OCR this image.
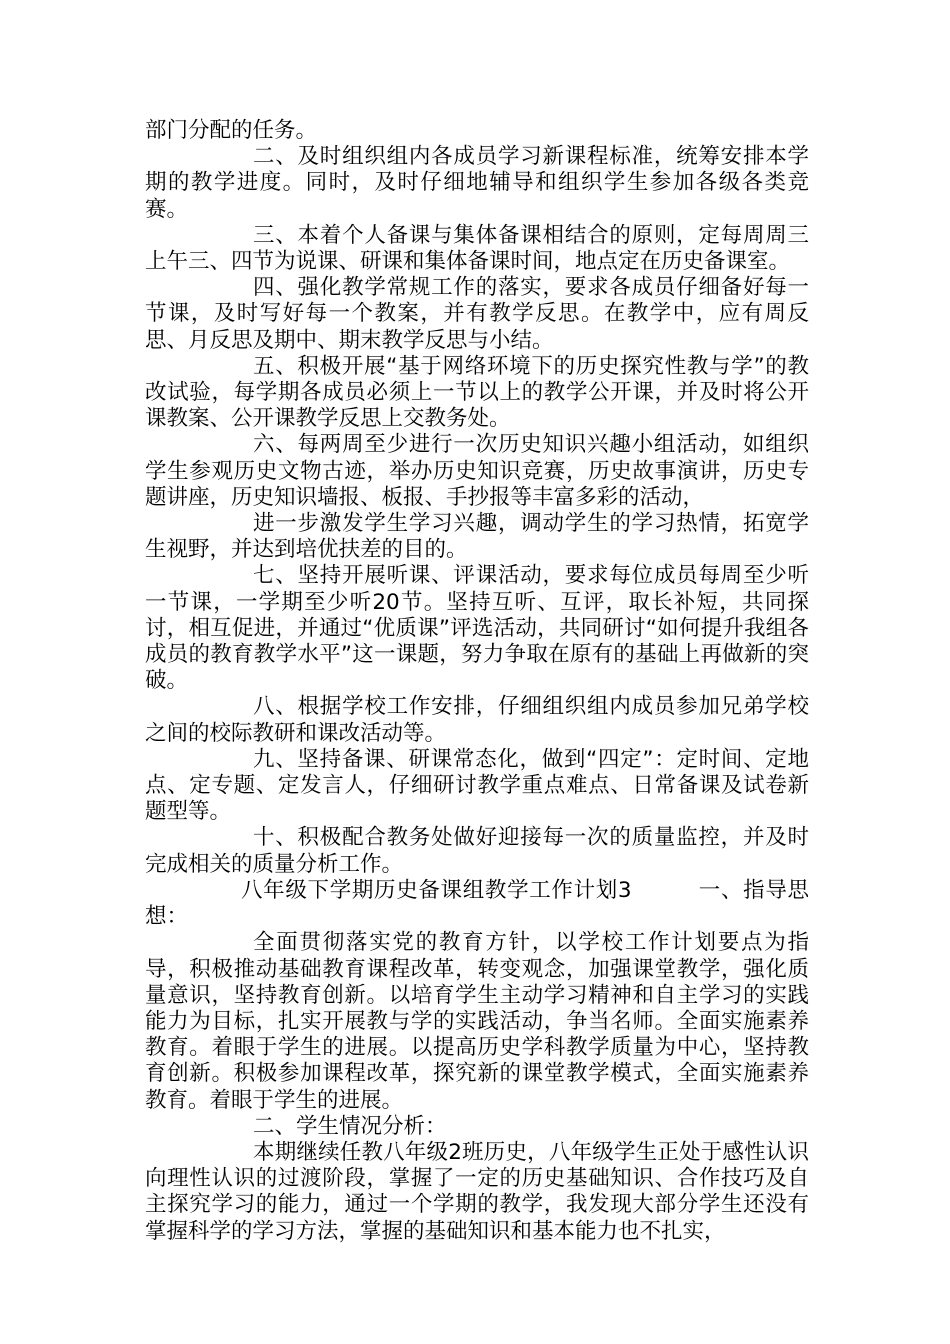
部门分配的任务。

二、及时组织组内各成员学习新课程标准，统筹安排本学期的教学进度。同时，及时仔细地辅导和组织学生参加各级各类竞赛。

三、本着个人备课与集体备课相结合的原则，定每周周三上午三、四节为说课、研课和集体备课时间，地点定在历史备课室。

四、强化教学常规工作的落实，要求各成员仔细备好每一节课，及时写好每一个教案，并有教学反思。在教学中，应有周反思、月反思及期中、期末教学反思与小结。

五、积极开展“基于网络环境下的历史探究性教与学”的教改试验，每学期各成员必须上一节以上的教学公开课，并及时将公开课教案、公开课教学反思上交教务处。

六、每两周至少进行一次历史知识兴趣小组活动，如组织学生参观历史文物古迹，举办历史知识竞赛，历史故事演讲，历史专题讲座，历史知识墙报、板报、手抄报等丰富多彩的活动，

进一步激发学生学习兴趣，调动学生的学习热情，拓宽学生视野，并达到培优扶差的目的。

七、坚持开展听课、评课活动，要求每位成员每周至少听一节课，一学期至少听20节。坚持互听、互评，取长补短，共同探讨，相互促进，并通过“优质课”评选活动，共同研讨“如何提升我组各成员的教育教学水平”这一课题，努力争取在原有的基础上再做新的突破。

八、根据学校工作安排，仔细组织组内成员参加兄弟学校之间的校际教研和课改活动等。

九、坚持备课、研课常态化，做到“四定”：定时间、定地点、定专题、定发言人，仔细研讨教学重点难点、日常备课及试卷新题型等。

十、积极配合教务处做好迎接每一次的质量监控，并及时完成相关的质量分析工作。

八年级下学期历史备课组教学工作计划3　　　一、指导思想：

全面贯彻落实党的教育方针，以学校工作计划要点为指导，积极推动基础教育课程改革，转变观念，加强课堂教学，强化质量意识，坚持教育创新。以培育学生主动学习精神和自主学习的实践能力为目标，扎实开展教与学的实践活动，争当名师。全面实施素养教育。着眼于学生的进展。以提高历史学科教学质量为中心，坚持教育创新。积极参加课程改革，探究新的课堂教学模式，全面实施素养教育。着眼于学生的进展。

二、学生情况分析：

本期继续任教八年级2班历史，八年级学生正处于感性认识向理性认识的过渡阶段，掌握了一定的历史基础知识、合作技巧及自主探究学习的能力，通过一个学期的教学，我发现大部分学生还没有掌握科学的学习方法，掌握的基础知识和基本能力也不扎实，
